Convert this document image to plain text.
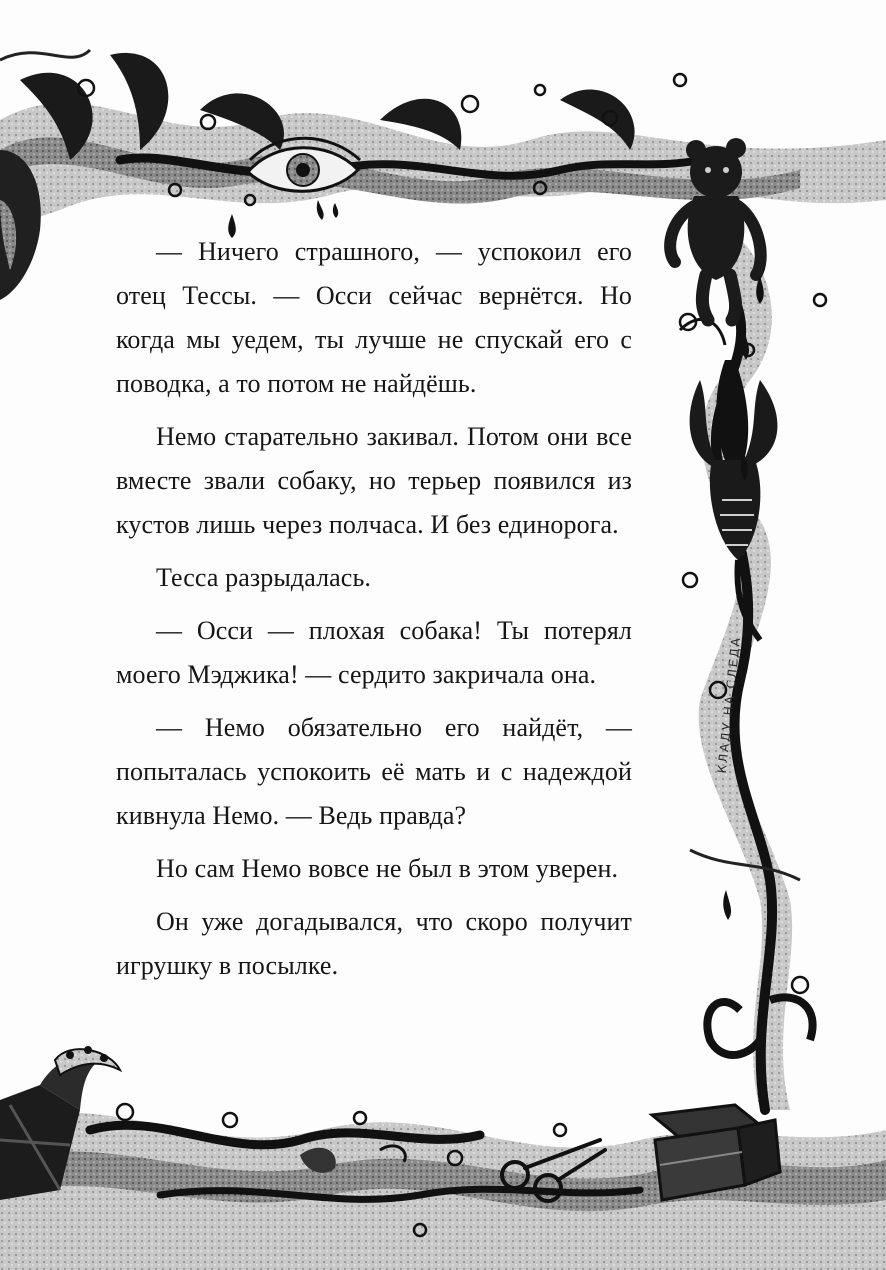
КЛАДУ НА СЛЕДА

— Ничего страшного, — успокоил его отец Тессы. — Осси сейчас вернётся. Но когда мы уедем, ты лучше не спускай его с поводка, а то потом не найдёшь.

Немо старательно закивал. Потом они все вместе звали собаку, но терьер появился из кустов лишь через полчаса. И без единорога.

Тесса разрыдалась.

— Осси — плохая собака! Ты потерял моего Мэджика! — сердито закричала она.

— Немо обязательно его найдёт, — попыталась успокоить её мать и с надеждой кивнула Немо. — Ведь правда?

Но сам Немо вовсе не был в этом уверен.

Он уже догадывался, что скоро получит игрушку в посылке.
